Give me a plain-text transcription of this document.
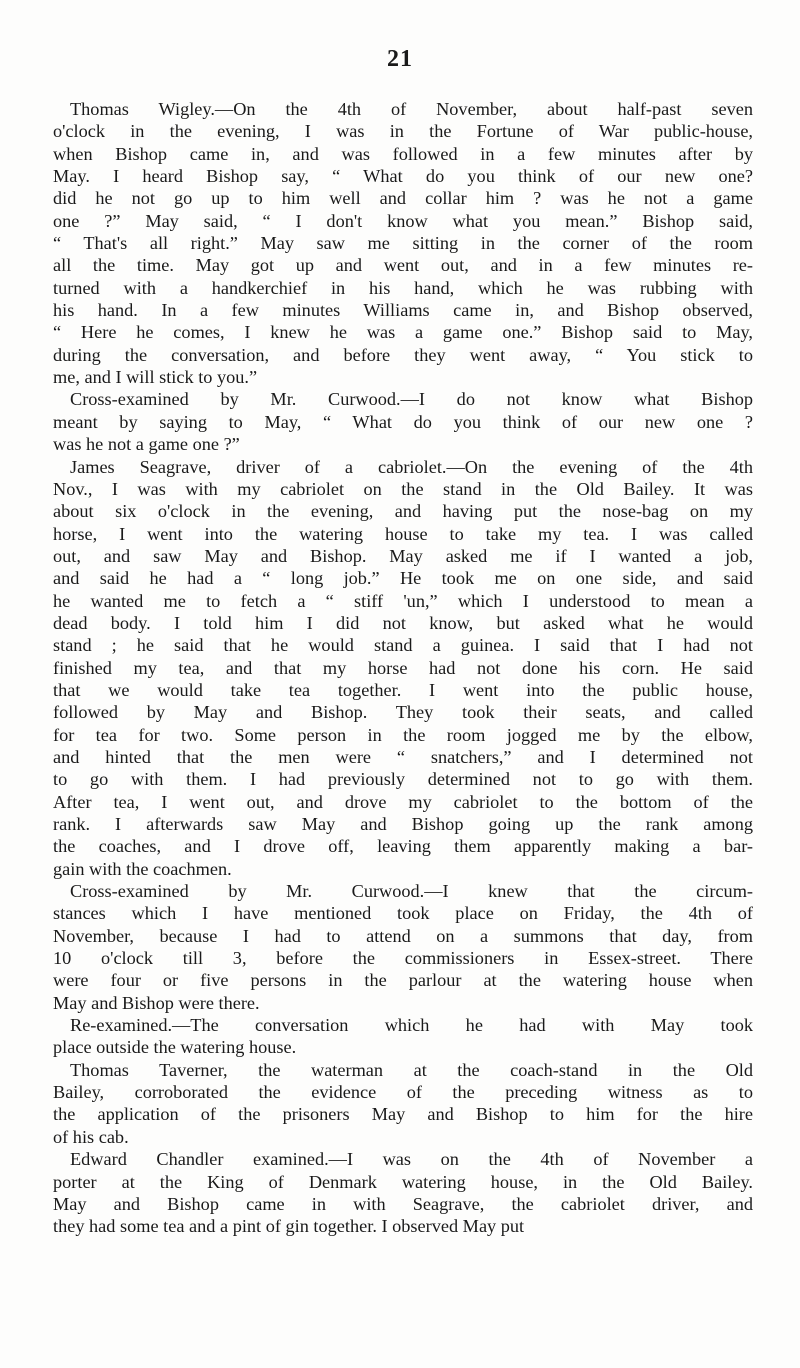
21
Thomas Wigley.—On the 4th of November, about half-past seven
o'clock in the evening, I was in the Fortune of War public-house,
when Bishop came in, and was followed in a few minutes after by
May. I heard Bishop say, “ What do you think of our new one?
did he not go up to him well and collar him ? was he not a game
one ?” May said, “ I don't know what you mean.” Bishop said,
“ That's all right.” May saw me sitting in the corner of the room
all the time. May got up and went out, and in a few minutes re-
turned with a handkerchief in his hand, which he was rubbing with
his hand. In a few minutes Williams came in, and Bishop observed,
“ Here he comes, I knew he was a game one.” Bishop said to May,
during the conversation, and before they went away, “ You stick to
me, and I will stick to you.”
Cross-examined by Mr. Curwood.—I do not know what Bishop
meant by saying to May, “ What do you think of our new one ?
was he not a game one ?”
James Seagrave, driver of a cabriolet.—On the evening of the 4th
Nov., I was with my cabriolet on the stand in the Old Bailey. It was
about six o'clock in the evening, and having put the nose-bag on my
horse, I went into the watering house to take my tea. I was called
out, and saw May and Bishop. May asked me if I wanted a job,
and said he had a “ long job.” He took me on one side, and said
he wanted me to fetch a “ stiff 'un,” which I understood to mean a
dead body. I told him I did not know, but asked what he would
stand ; he said that he would stand a guinea. I said that I had not
finished my tea, and that my horse had not done his corn. He said
that we would take tea together. I went into the public house,
followed by May and Bishop. They took their seats, and called
for tea for two. Some person in the room jogged me by the elbow,
and hinted that the men were “ snatchers,” and I determined not
to go with them. I had previously determined not to go with them.
After tea, I went out, and drove my cabriolet to the bottom of the
rank. I afterwards saw May and Bishop going up the rank among
the coaches, and I drove off, leaving them apparently making a bar-
gain with the coachmen.
Cross-examined by Mr. Curwood.—I knew that the circum-
stances which I have mentioned took place on Friday, the 4th of
November, because I had to attend on a summons that day, from
10 o'clock till 3, before the commissioners in Essex-street. There
were four or five persons in the parlour at the watering house when
May and Bishop were there.
Re-examined.—The conversation which he had with May took
place outside the watering house.
Thomas Taverner, the waterman at the coach-stand in the Old
Bailey, corroborated the evidence of the preceding witness as to
the application of the prisoners May and Bishop to him for the hire
of his cab.
Edward Chandler examined.—I was on the 4th of November a
porter at the King of Denmark watering house, in the Old Bailey.
May and Bishop came in with Seagrave, the cabriolet driver, and
they had some tea and a pint of gin together. I observed May put
